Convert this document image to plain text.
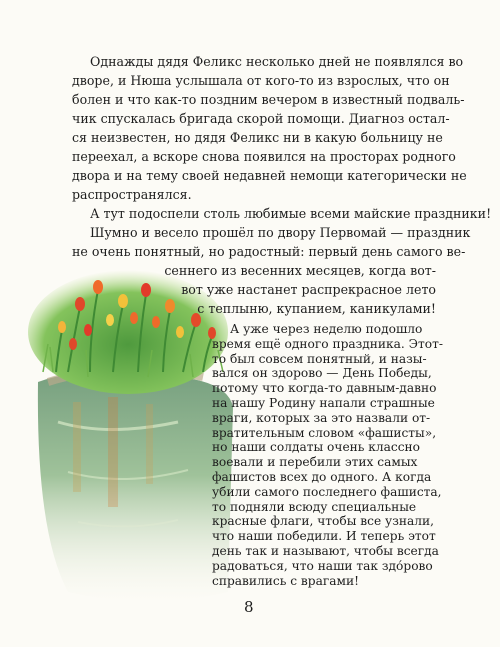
Однажды дядя Феликс несколько дней не появлялся во
дворе, и Нюша услышала от кого-то из взрослых, что он
болен и что как-то поздним вечером в известный подваль-
чик спускалась бригада скорой помощи. Диагноз остал-
ся неизвестен, но дядя Феликс ни в какую больницу не
переехал, а вскоре снова появился на просторах родного
двора и на тему своей недавней немощи категорически не
распространялся.
А тут подоспели столь любимые всеми майские праздники!
Шумно и весело прошёл по двору Первомай — праздник
не очень понятный, но радостный: первый день самого ве-
сеннего из весенних месяцев, когда вот-
вот уже настанет распрекрасное лето
с теплыню, купанием, каникулами!
8
А уже через неделю подошло
время ещё одного праздника. Этот-
то был совсем понятный, и назы-
вался он здорово — День Победы,
потому что когда-то давным-давно
на нашу Родину напали страшные
враги, которых за это назвали от-
вратительным словом «фашисты»,
но наши солдаты очень классно
воевали и перебили этих самых
фашистов всех до одного. А когда
убили самого последнего фашиста,
то подняли всюду специальные
красные флаги, чтобы все узнали,
что наши победили. И теперь этот
день так и называют, чтобы всегда
радоваться, что наши так здо́рово
справились с врагами!
